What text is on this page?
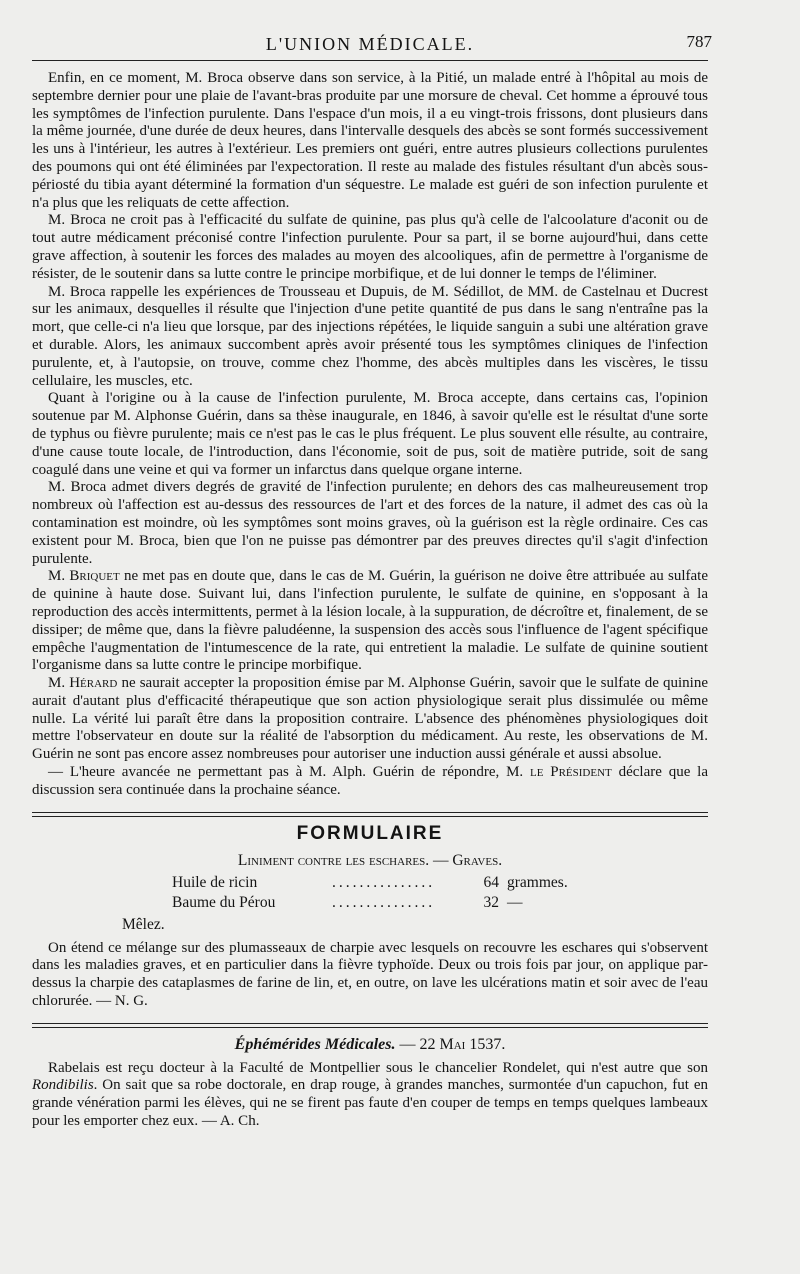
L'UNION MÉDICALE.	787

Enfin, en ce moment, M. Broca observe dans son service, à la Pitié, un malade entré à l'hôpital au mois de septembre dernier pour une plaie de l'avant-bras produite par une morsure de cheval. Cet homme a éprouvé tous les symptômes de l'infection purulente. Dans l'espace d'un mois, il a eu vingt-trois frissons, dont plusieurs dans la même journée, d'une durée de deux heures, dans l'intervalle desquels des abcès se sont formés successivement les uns à l'intérieur, les autres à l'extérieur. Les premiers ont guéri, entre autres plusieurs collections purulentes des poumons qui ont été éliminées par l'expectoration. Il reste au malade des fistules résultant d'un abcès sous-périosté du tibia ayant déterminé la formation d'un séquestre. Le malade est guéri de son infection purulente et n'a plus que les reliquats de cette affection.

M. Broca ne croit pas à l'efficacité du sulfate de quinine, pas plus qu'à celle de l'alcoolature d'aconit ou de tout autre médicament préconisé contre l'infection purulente. Pour sa part, il se borne aujourd'hui, dans cette grave affection, à soutenir les forces des malades au moyen des alcooliques, afin de permettre à l'organisme de résister, de le soutenir dans sa lutte contre le principe morbifique, et de lui donner le temps de l'éliminer.

M. Broca rappelle les expériences de Trousseau et Dupuis, de M. Sédillot, de MM. de Castelnau et Ducrest sur les animaux, desquelles il résulte que l'injection d'une petite quantité de pus dans le sang n'entraîne pas la mort, que celle-ci n'a lieu que lorsque, par des injections répétées, le liquide sanguin a subi une altération grave et durable. Alors, les animaux succombent après avoir présenté tous les symptômes cliniques de l'infection purulente, et, à l'autopsie, on trouve, comme chez l'homme, des abcès multiples dans les viscères, le tissu cellulaire, les muscles, etc.

Quant à l'origine ou à la cause de l'infection purulente, M. Broca accepte, dans certains cas, l'opinion soutenue par M. Alphonse Guérin, dans sa thèse inaugurale, en 1846, à savoir qu'elle est le résultat d'une sorte de typhus ou fièvre purulente; mais ce n'est pas le cas le plus fréquent. Le plus souvent elle résulte, au contraire, d'une cause toute locale, de l'introduction, dans l'économie, soit de pus, soit de matière putride, soit de sang coagulé dans une veine et qui va former un infarctus dans quelque organe interne.

M. Broca admet divers degrés de gravité de l'infection purulente; en dehors des cas malheureusement trop nombreux où l'affection est au-dessus des ressources de l'art et des forces de la nature, il admet des cas où la contamination est moindre, où les symptômes sont moins graves, où la guérison est la règle ordinaire. Ces cas existent pour M. Broca, bien que l'on ne puisse pas démontrer par des preuves directes qu'il s'agit d'infection purulente.

M. Briquet ne met pas en doute que, dans le cas de M. Guérin, la guérison ne doive être attribuée au sulfate de quinine à haute dose. Suivant lui, dans l'infection purulente, le sulfate de quinine, en s'opposant à la reproduction des accès intermittents, permet à la lésion locale, à la suppuration, de décroître et, finalement, de se dissiper; de même que, dans la fièvre paludéenne, la suspension des accès sous l'influence de l'agent spécifique empêche l'augmentation de l'intumescence de la rate, qui entretient la maladie. Le sulfate de quinine soutient l'organisme dans sa lutte contre le principe morbifique.

M. Hérard ne saurait accepter la proposition émise par M. Alphonse Guérin, savoir que le sulfate de quinine aurait d'autant plus d'efficacité thérapeutique que son action physiologique serait plus dissimulée ou même nulle. La vérité lui paraît être dans la proposition contraire. L'absence des phénomènes physiologiques doit mettre l'observateur en doute sur la réalité de l'absorption du médicament. Au reste, les observations de M. Guérin ne sont pas encore assez nombreuses pour autoriser une induction aussi générale et aussi absolue.

— L'heure avancée ne permettant pas à M. Alph. Guérin de répondre, M. le Président déclare que la discussion sera continuée dans la prochaine séance.

FORMULAIRE
Liniment contre les eschares. — Graves.
Huile de ricin	...............	64 grammes.
Baume du Pérou	...............	32 —
Mêlez.

On étend ce mélange sur des plumasseaux de charpie avec lesquels on recouvre les eschares qui s'observent dans les maladies graves, et en particulier dans la fièvre typhoïde. Deux ou trois fois par jour, on applique par-dessus la charpie des cataplasmes de farine de lin, et, en outre, on lave les ulcérations matin et soir avec de l'eau chlorurée. — N. G.

Éphémérides Médicales. — 22 Mai 1537.

Rabelais est reçu docteur à la Faculté de Montpellier sous le chancelier Rondelet, qui n'est autre que son Rondibilis. On sait que sa robe doctorale, en drap rouge, à grandes manches, surmontée d'un capuchon, fut en grande vénération parmi les élèves, qui ne se firent pas faute d'en couper de temps en temps quelques lambeaux pour les emporter chez eux. — A. Ch.
